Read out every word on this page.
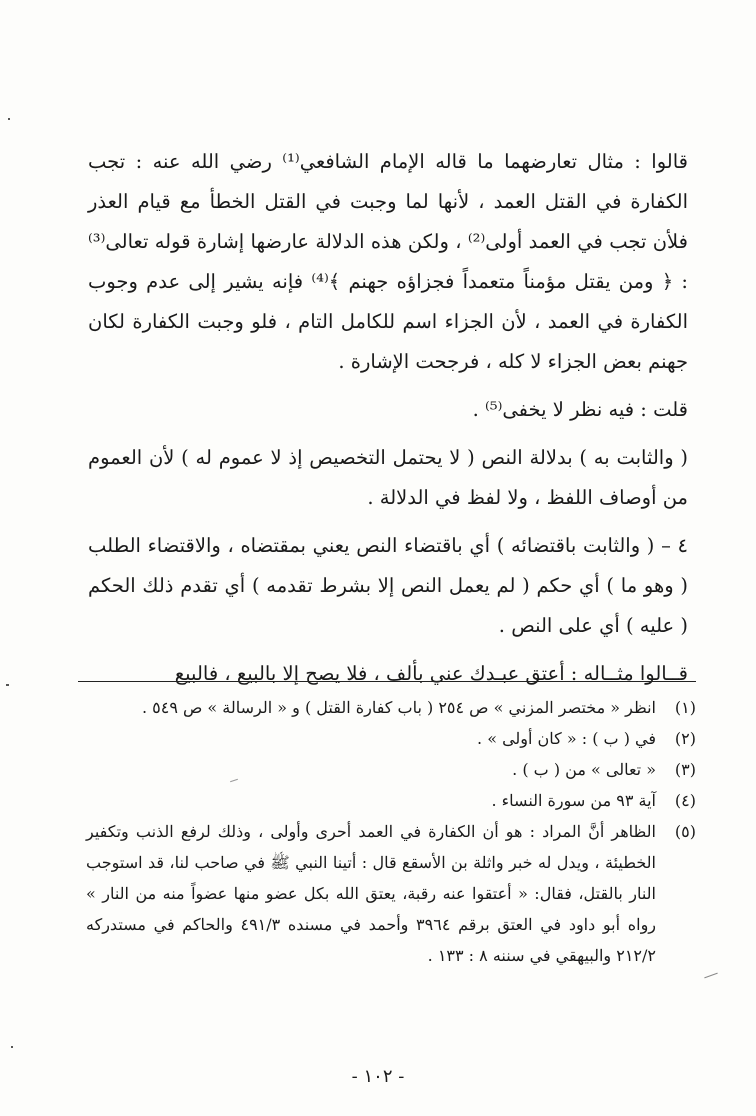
قالوا : مثال تعارضهما ما قاله الإمام الشافعي⁽¹⁾ رضي الله عنه : تجب الكفارة في القتل العمد ، لأنها لما وجبت في القتل الخطأ مع قيام العذر فلأن تجب في العمد أولى⁽²⁾ ، ولكن هذه الدلالة عارضها إشارة قوله تعالى⁽³⁾ : ﴿ ومن يقتل مؤمناً متعمداً فجزاؤه جهنم ﴾⁽⁴⁾ فإنه يشير إلى عدم وجوب الكفارة في العمد ، لأن الجزاء اسم للكامل التام ، فلو وجبت الكفارة لكان جهنم بعض الجزاء لا كله ، فرجحت الإشارة .

قلت : فيه نظر لا يخفى⁽⁵⁾ .

( والثابت به ) بدلالة النص ( لا يحتمل التخصيص إذ لا عموم له ) لأن العموم من أوصاف اللفظ ، ولا لفظ في الدلالة .

٤ – ( والثابت باقتضائه ) أي باقتضاء النص يعني بمقتضاه ، والاقتضاء الطلب ( وهو ما ) أي حكم ( لم يعمل النص إلا بشرط تقدمه ) أي تقدم ذلك الحكم ( عليه ) أي على النص .

قــالوا مثــاله : أعتق عبـدك عني بألف ، فلا يصح إلا بالبيع ، فالبيع

(١)
انظر « مختصر المزني » ص ٢٥٤ ( باب كفارة القتل ) و « الرسالة » ص ٥٤٩ .
(٢)
في ( ب ) : « كان أولى » .
(٣)
« تعالى » من ( ب ) .
(٤)
آية ٩٣ من سورة النساء .
(٥)
الظاهر أنَّ المراد : هو أن الكفارة في العمد أحرى وأولى ، وذلك لرفع الذنب وتكفير الخطيئة ، ويدل له خبر واثلة بن الأسقع قال : أتينا النبي ﷺ في صاحب لنا، قد استوجب النار بالقتل، فقال: « أعتقوا عنه رقبة، يعتق الله بكل عضو منها عضواً منه من النار » رواه أبو داود في العتق برقم ٣٩٦٤ وأحمد في مسنده ٤٩١/٣ والحاكم في مستدركه ٢١٢/٢ والبيهقي في سننه ٨ : ١٣٣ .
- ١٠٢ -
